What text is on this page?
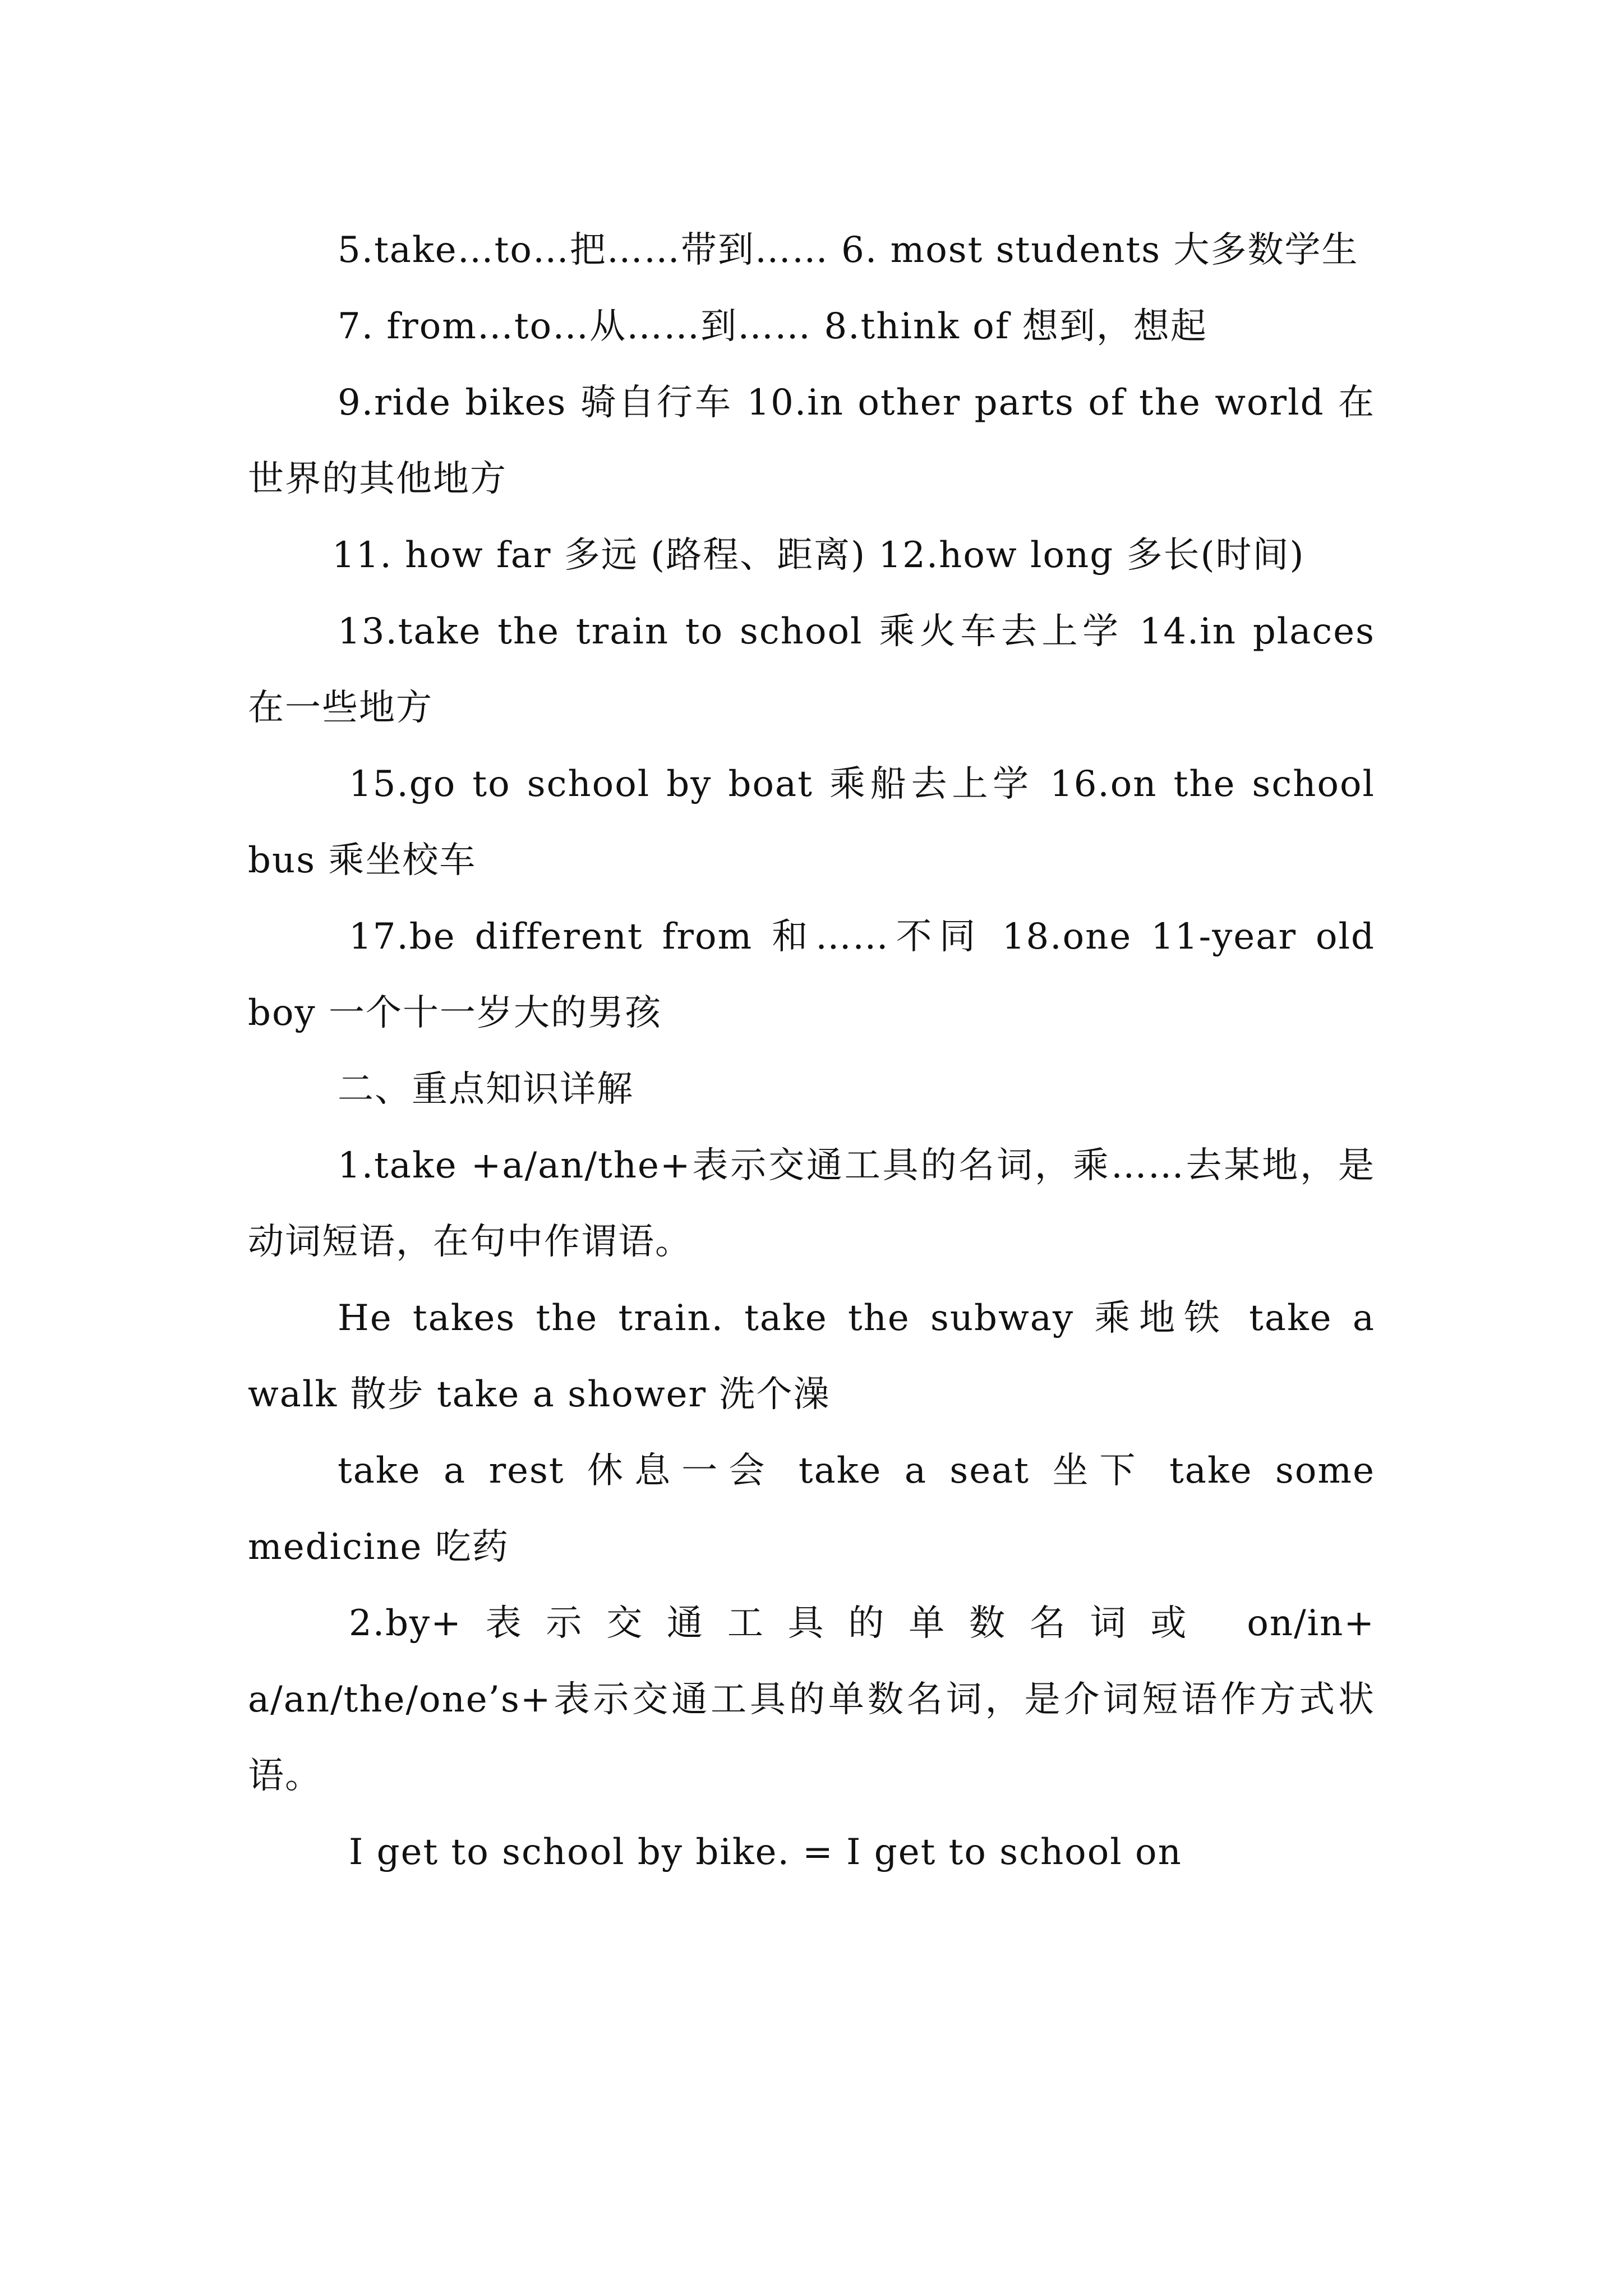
5.take…to…把……带到…… 6. most students 大多数学生

7. from…to…从……到…… 8.think of 想到，想起

9.ride bikes 骑自行车 10.in other parts of the world 在世界的其他地方

11. how far 多远 (路程、距离) 12.how long 多长(时间)

13.take the train to school 乘火车去上学 14.in places 在一些地方

15.go to school by boat 乘船去上学 16.on the school bus 乘坐校车

17.be different from 和……不同 18.one 11-year old boy 一个十一岁大的男孩

二、重点知识详解

1.take +a/an/the+表示交通工具的名词，乘……去某地，是动词短语，在句中作谓语。

He takes the train. take the subway 乘地铁 take a walk 散步 take a shower 洗个澡

take a rest 休息一会 take a seat 坐下 take some medicine 吃药

2.by+表示交通工具的单数名词或 on/in+ a/an/the/one’s+表示交通工具的单数名词，是介词短语作方式状语。

I get to school by bike. = I get to school on
